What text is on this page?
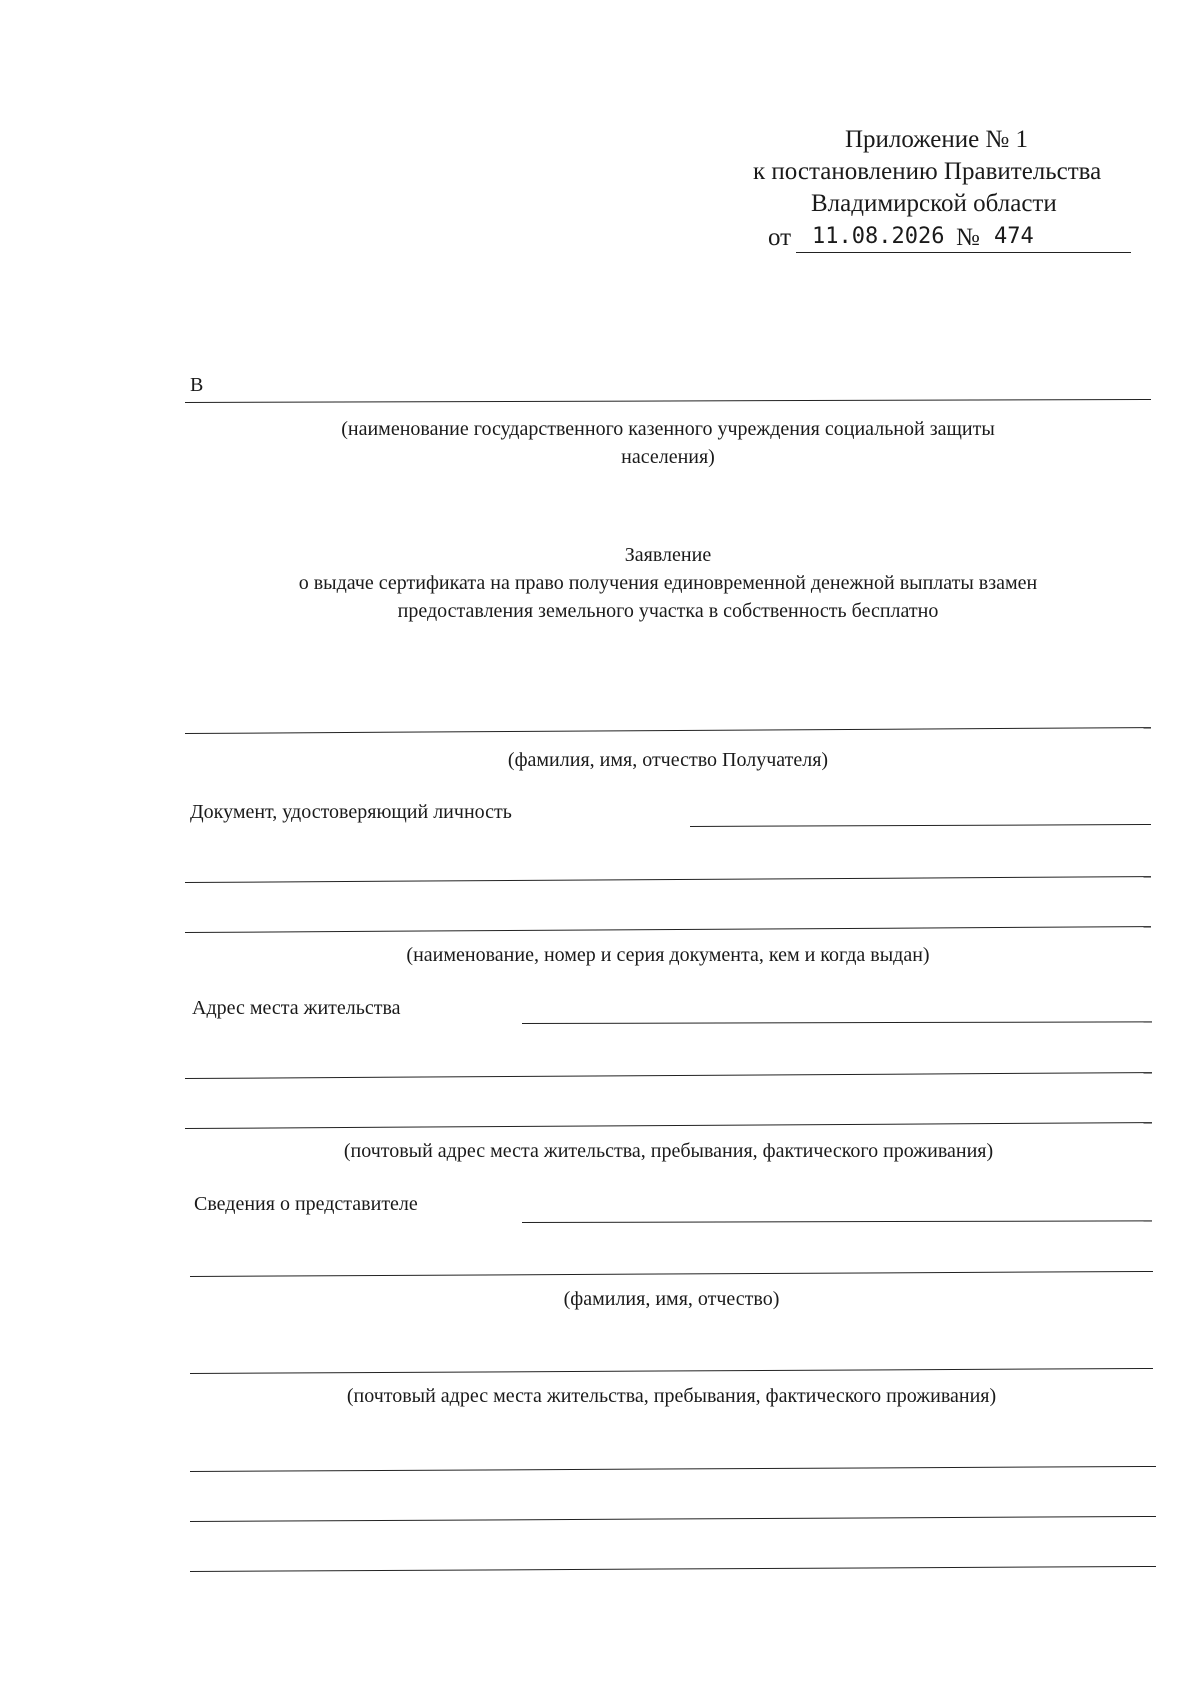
Приложение № 1
к постановлению Правительства
Владимирской области
от 11.08.2026 № 474
В
(наименование государственного казенного учреждения социальной защиты
населения)
Заявление
о выдаче сертификата на право получения единовременной денежной выплаты взамен
предоставления земельного участка в собственность бесплатно
(фамилия, имя, отчество Получателя)
Документ, удостоверяющий личность
(наименование, номер и серия документа, кем и когда выдан)
Адрес места жительства
(почтовый адрес места жительства, пребывания, фактического проживания)
Сведения о представителе
(фамилия, имя, отчество)
(почтовый адрес места жительства, пребывания, фактического проживания)
